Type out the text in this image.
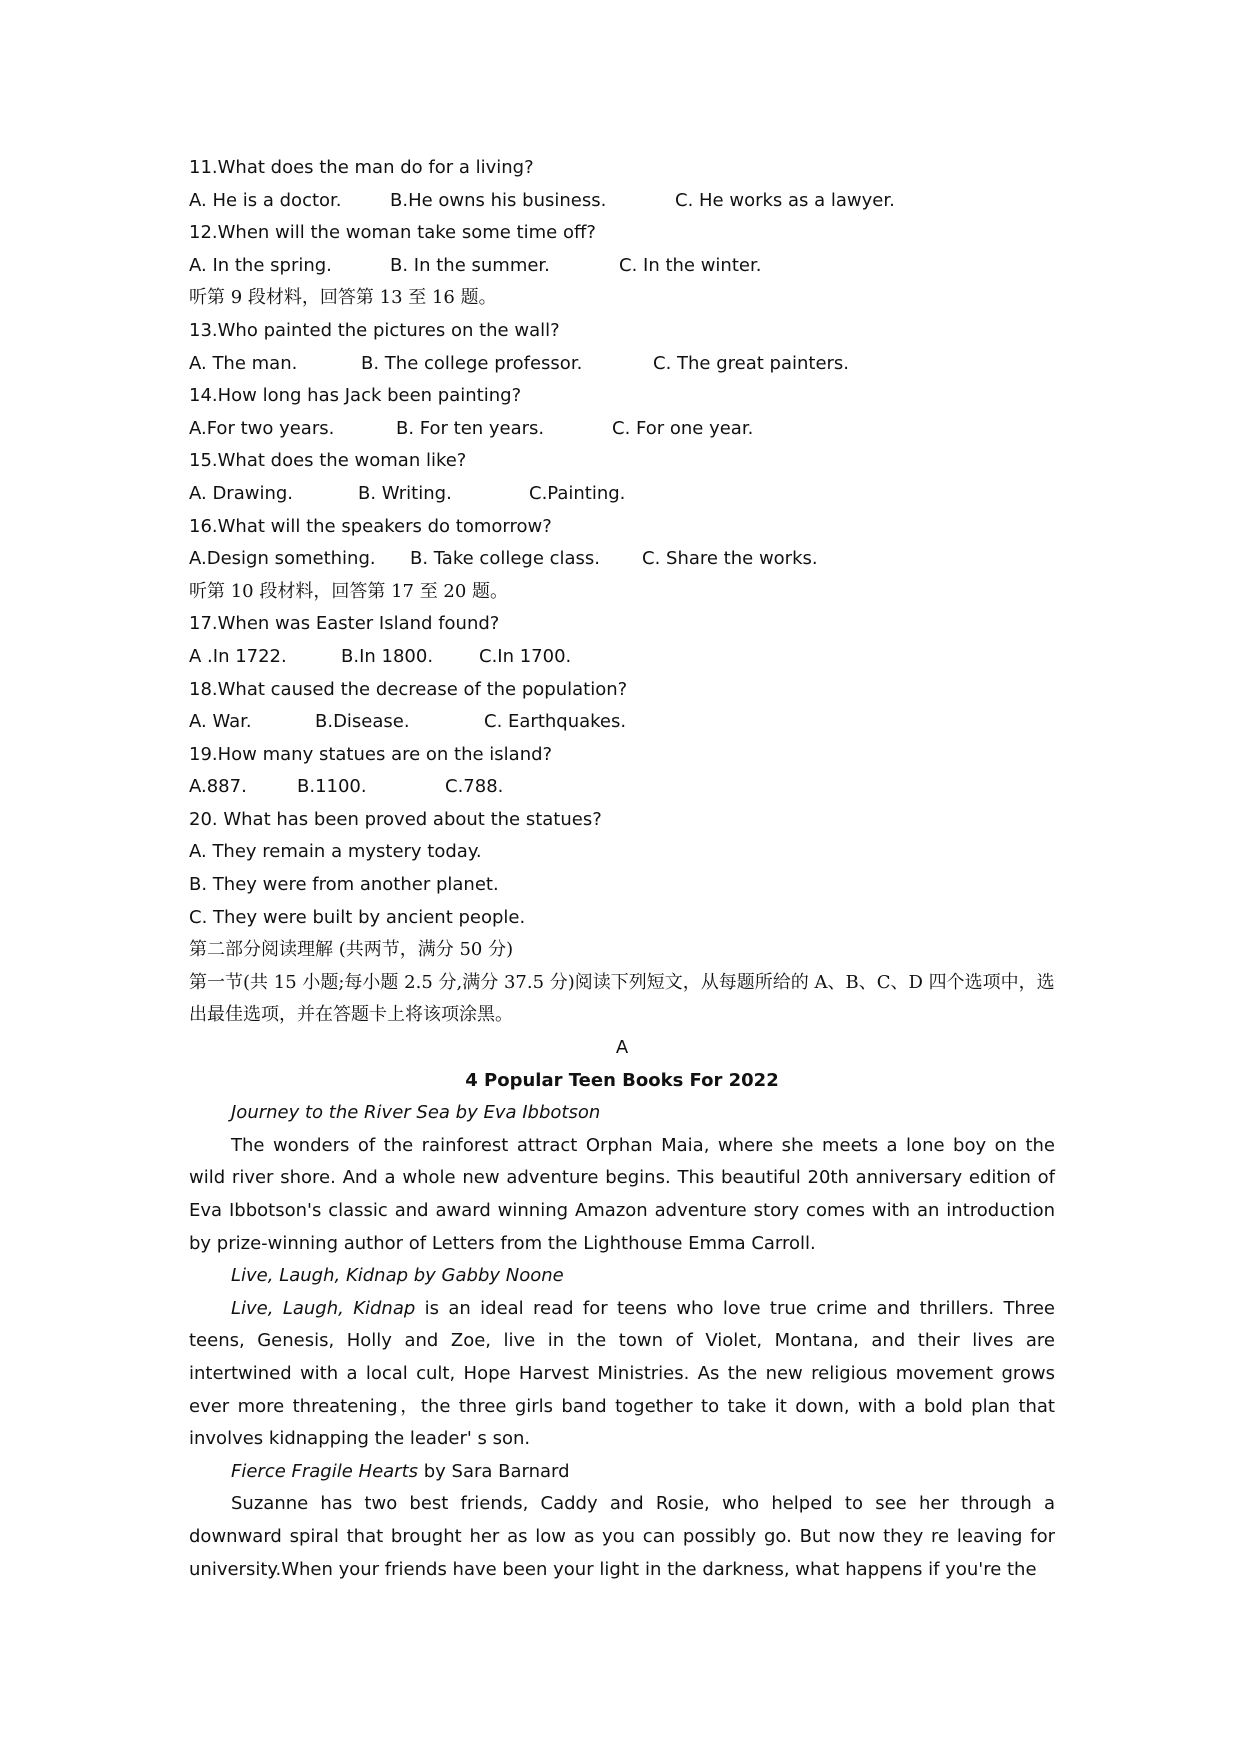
11.What does the man do for a living?
A. He is a doctor.	B.He owns his business.	C. He works as a lawyer.
12.When will the woman take some time off?
A. In the spring.	B. In the summer.	C. In the winter.
听第 9 段材料，回答第 13 至 16 题。
13.Who painted the pictures on the wall?
A. The man.	B. The college professor.	C. The great painters.
14.How long has Jack been painting?
A.For two years.	B. For ten years.	C. For one year.
15.What does the woman like?
A. Drawing.	B. Writing.	C.Painting.
16.What will the speakers do tomorrow?
A.Design something. B. Take college class. C. Share the works.
听第 10 段材料，回答第 17 至 20 题。
17.When was Easter Island found?
A .In 1722.	B.In 1800.	C.In 1700.
18.What caused the decrease of the population?
A. War.	B.Disease.	C. Earthquakes.
19.How many statues are on the island?
A.887.	B.1100.	C.788.
20. What has been proved about the statues?
A. They remain a mystery today.
B. They were from another planet.
C. They were built by ancient people.
第二部分阅读理解 (共两节，满分 50 分)
第一节(共 15 小题;每小题 2.5 分,满分 37.5 分)阅读下列短文，从每题所给的 A、B、C、D 四个选项中，选出最佳选项，并在答题卡上将该项涂黑。
A
4 Popular Teen Books For 2022
Journey to the River Sea by Eva Ibbotson
The wonders of the rainforest attract Orphan Maia, where she meets a lone boy on the wild river shore. And a whole new adventure begins. This beautiful 20th anniversary edition of Eva Ibbotson's classic and award winning Amazon adventure story comes with an introduction by prize-winning author of Letters from the Lighthouse Emma Carroll.
Live, Laugh, Kidnap by Gabby Noone
Live, Laugh, Kidnap is an ideal read for teens who love true crime and thrillers. Three teens, Genesis, Holly and Zoe, live in the town of Violet, Montana, and their lives are intertwined with a local cult, Hope Harvest Ministries. As the new religious movement grows ever more threatening，the three girls band together to take it down, with a bold plan that involves kidnapping the leader' s son.
Fierce Fragile Hearts by Sara Barnard
Suzanne has two best friends, Caddy and Rosie, who helped to see her through a downward spiral that brought her as low as you can possibly go. But now they re leaving for university.When your friends have been your light in the darkness, what happens if you're the
